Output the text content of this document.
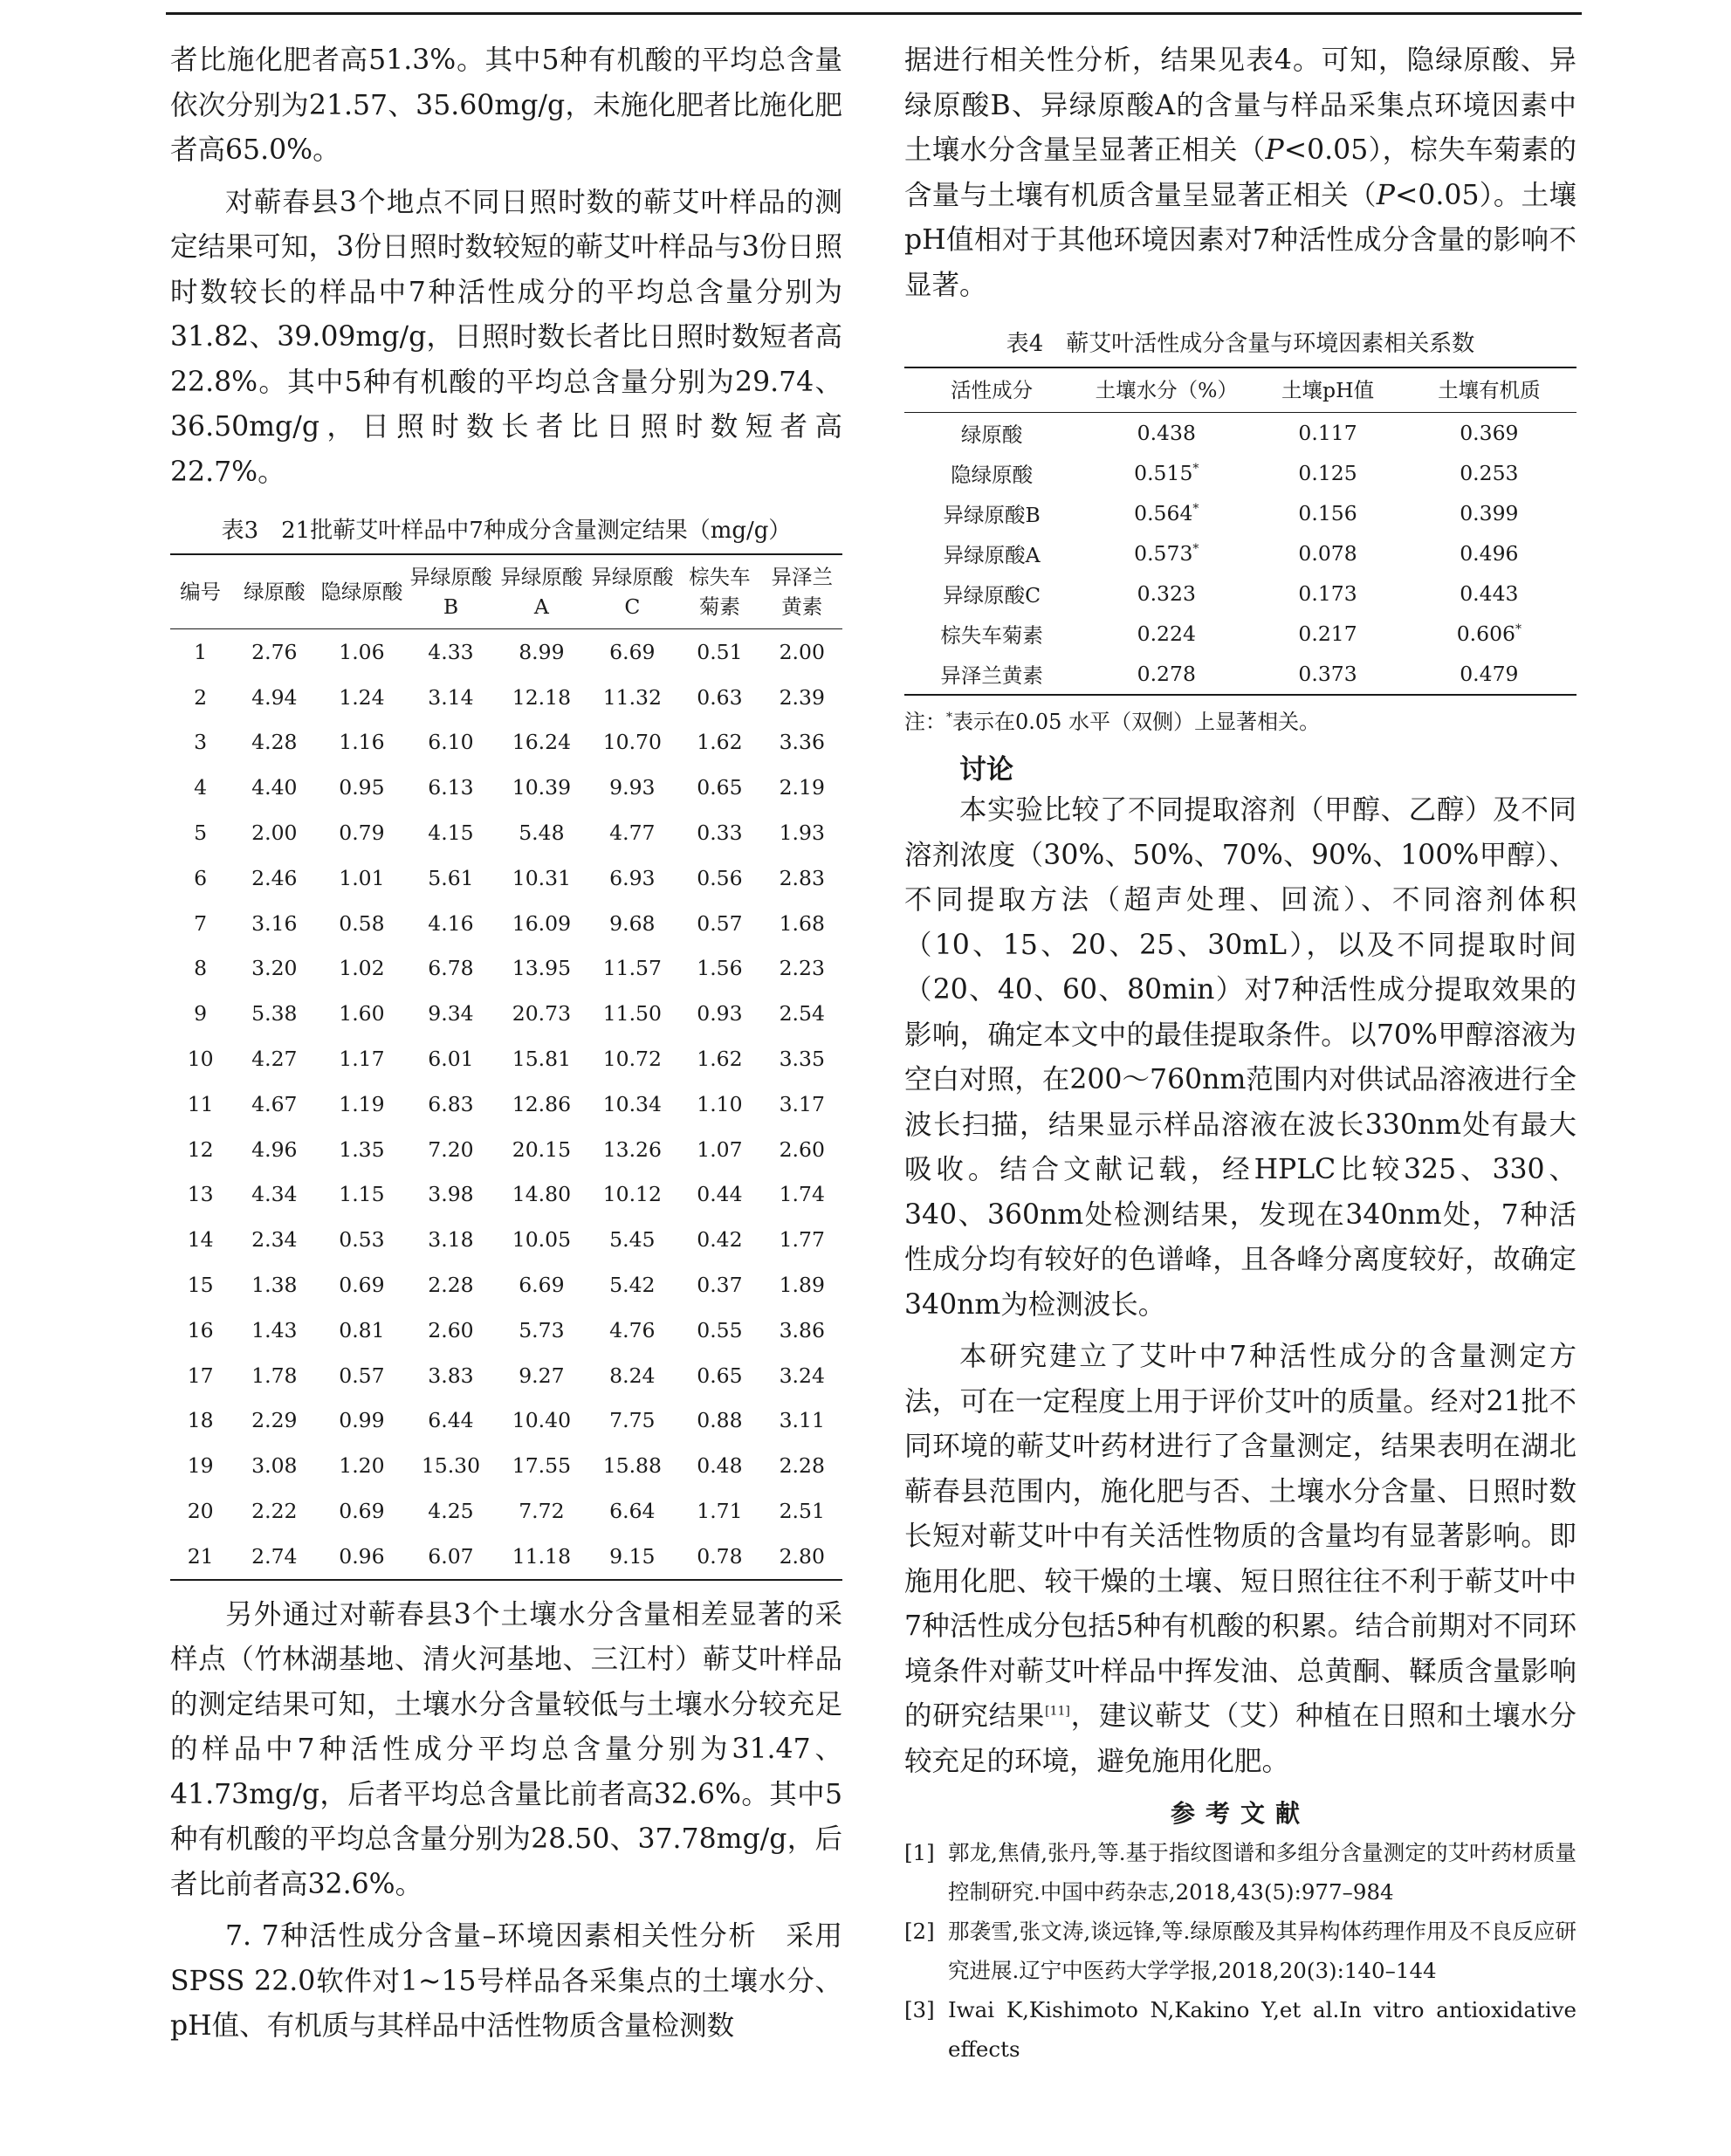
者比施化肥者高51.3%。其中5种有机酸的平均总含量依次分别为21.57、35.60mg/g，未施化肥者比施化肥者高65.0%。

对蕲春县3个地点不同日照时数的蕲艾叶样品的测定结果可知，3份日照时数较短的蕲艾叶样品与3份日照时数较长的样品中7种活性成分的平均总含量分别为31.82、39.09mg/g，日照时数长者比日照时数短者高22.8%。其中5种有机酸的平均总含量分别为29.74、36.50mg/g，日照时数长者比日照时数短者高22.7%。

表3　21批蕲艾叶样品中7种成分含量测定结果（mg/g）
编号	绿原酸	隐绿原酸	异绿原酸B	异绿原酸A	异绿原酸C	棕失车菊素	异泽兰黄素
1	2.76	1.06	4.33	8.99	6.69	0.51	2.00
2	4.94	1.24	3.14	12.18	11.32	0.63	2.39
3	4.28	1.16	6.10	16.24	10.70	1.62	3.36
4	4.40	0.95	6.13	10.39	9.93	0.65	2.19
5	2.00	0.79	4.15	5.48	4.77	0.33	1.93
6	2.46	1.01	5.61	10.31	6.93	0.56	2.83
7	3.16	0.58	4.16	16.09	9.68	0.57	1.68
8	3.20	1.02	6.78	13.95	11.57	1.56	2.23
9	5.38	1.60	9.34	20.73	11.50	0.93	2.54
10	4.27	1.17	6.01	15.81	10.72	1.62	3.35
11	4.67	1.19	6.83	12.86	10.34	1.10	3.17
12	4.96	1.35	7.20	20.15	13.26	1.07	2.60
13	4.34	1.15	3.98	14.80	10.12	0.44	1.74
14	2.34	0.53	3.18	10.05	5.45	0.42	1.77
15	1.38	0.69	2.28	6.69	5.42	0.37	1.89
16	1.43	0.81	2.60	5.73	4.76	0.55	3.86
17	1.78	0.57	3.83	9.27	8.24	0.65	3.24
18	2.29	0.99	6.44	10.40	7.75	0.88	3.11
19	3.08	1.20	15.30	17.55	15.88	0.48	2.28
20	2.22	0.69	4.25	7.72	6.64	1.71	2.51
21	2.74	0.96	6.07	11.18	9.15	0.78	2.80

另外通过对蕲春县3个土壤水分含量相差显著的采样点（竹林湖基地、清火河基地、三江村）蕲艾叶样品的测定结果可知，土壤水分含量较低与土壤水分较充足的样品中7种活性成分平均总含量分别为31.47、41.73mg/g，后者平均总含量比前者高32.6%。其中5种有机酸的平均总含量分别为28.50、37.78mg/g，后者比前者高32.6%。

7. 7种活性成分含量–环境因素相关性分析　采用SPSS 22.0软件对1~15号样品各采集点的土壤水分、pH值、有机质与其样品中活性物质含量检测数

据进行相关性分析，结果见表4。可知，隐绿原酸、异绿原酸B、异绿原酸A的含量与样品采集点环境因素中土壤水分含量呈显著正相关（P<0.05），棕失车菊素的含量与土壤有机质含量呈显著正相关（P<0.05）。土壤pH值相对于其他环境因素对7种活性成分含量的影响不显著。

表4　蕲艾叶活性成分含量与环境因素相关系数
活性成分	土壤水分（%）	土壤pH值	土壤有机质
绿原酸	0.438	0.117	0.369
隐绿原酸	0.515*	0.125	0.253
异绿原酸B	0.564*	0.156	0.399
异绿原酸A	0.573*	0.078	0.496
异绿原酸C	0.323	0.173	0.443
棕失车菊素	0.224	0.217	0.606*
异泽兰黄素	0.278	0.373	0.479
注：*表示在0.05 水平（双侧）上显著相关。
讨论

本实验比较了不同提取溶剂（甲醇、乙醇）及不同溶剂浓度（30%、50%、70%、90%、100%甲醇）、不同提取方法（超声处理、回流）、不同溶剂体积（10、15、20、25、30mL），以及不同提取时间（20、40、60、80min）对7种活性成分提取效果的影响，确定本文中的最佳提取条件。以70%甲醇溶液为空白对照，在200～760nm范围内对供试品溶液进行全波长扫描，结果显示样品溶液在波长330nm处有最大吸收。结合文献记载，经HPLC比较325、330、340、360nm处检测结果，发现在340nm处，7种活性成分均有较好的色谱峰，且各峰分离度较好，故确定340nm为检测波长。

本研究建立了艾叶中7种活性成分的含量测定方法，可在一定程度上用于评价艾叶的质量。经对21批不同环境的蕲艾叶药材进行了含量测定，结果表明在湖北蕲春县范围内，施化肥与否、土壤水分含量、日照时数长短对蕲艾叶中有关活性物质的含量均有显著影响。即施用化肥、较干燥的土壤、短日照往往不利于蕲艾叶中7种活性成分包括5种有机酸的积累。结合前期对不同环境条件对蕲艾叶样品中挥发油、总黄酮、鞣质含量影响的研究结果[11]，建议蕲艾（艾）种植在日照和土壤水分较充足的环境，避免施用化肥。

参考文献
[1] 郭龙,焦倩,张丹,等.基于指纹图谱和多组分含量测定的艾叶药材质量控制研究.中国中药杂志,2018,43(5):977–984
[2] 那袭雪,张文涛,谈远锋,等.绿原酸及其异构体药理作用及不良反应研究进展.辽宁中医药大学学报,2018,20(3):140–144
[3] Iwai K,Kishimoto N,Kakino Y,et al.In vitro antioxidative effects
